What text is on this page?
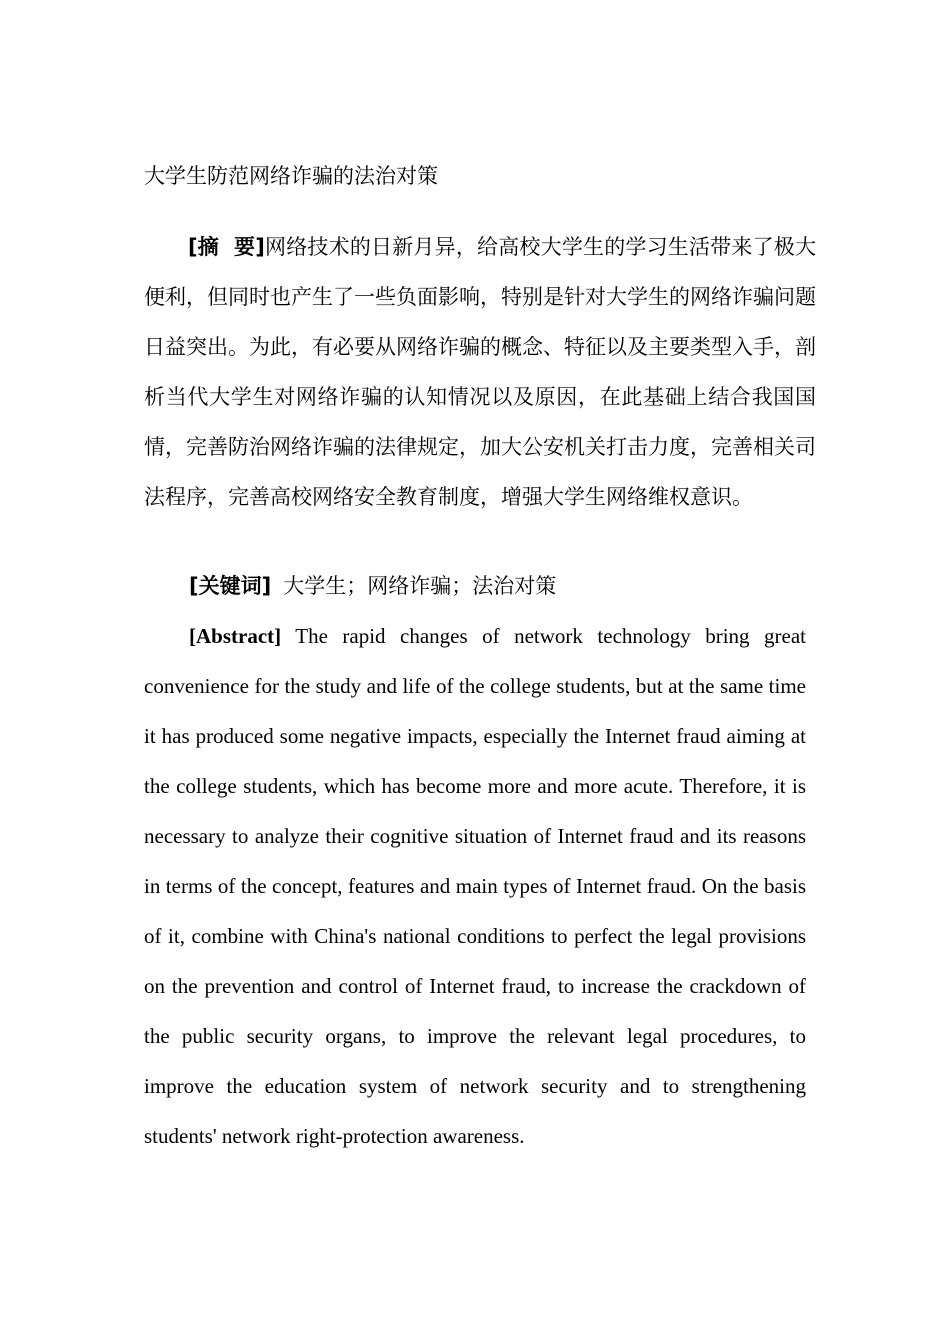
大学生防范网络诈骗的法治对策
[摘  要]网络技术的日新月异，给高校大学生的学习生活带来了极大便利，但同时也产生了一些负面影响，特别是针对大学生的网络诈骗问题日益突出。为此，有必要从网络诈骗的概念、特征以及主要类型入手，剖析当代大学生对网络诈骗的认知情况以及原因，在此基础上结合我国国情，完善防治网络诈骗的法律规定，加大公安机关打击力度，完善相关司法程序，完善高校网络安全教育制度，增强大学生网络维权意识。
[关键词] 大学生；网络诈骗；法治对策
[Abstract] The rapid changes of network technology bring great convenience for the study and life of the college students, but at the same time it has produced some negative impacts, especially the Internet fraud aiming at the college students, which has become more and more acute. Therefore, it is necessary to analyze their cognitive situation of Internet fraud and its reasons in terms of the concept, features and main types of Internet fraud. On the basis of it, combine with China's national conditions to perfect the legal provisions on the prevention and control of Internet fraud, to increase the crackdown of the public security organs, to improve the relevant legal procedures, to improve the education system of network security and to strengthening students' network right-protection awareness.
